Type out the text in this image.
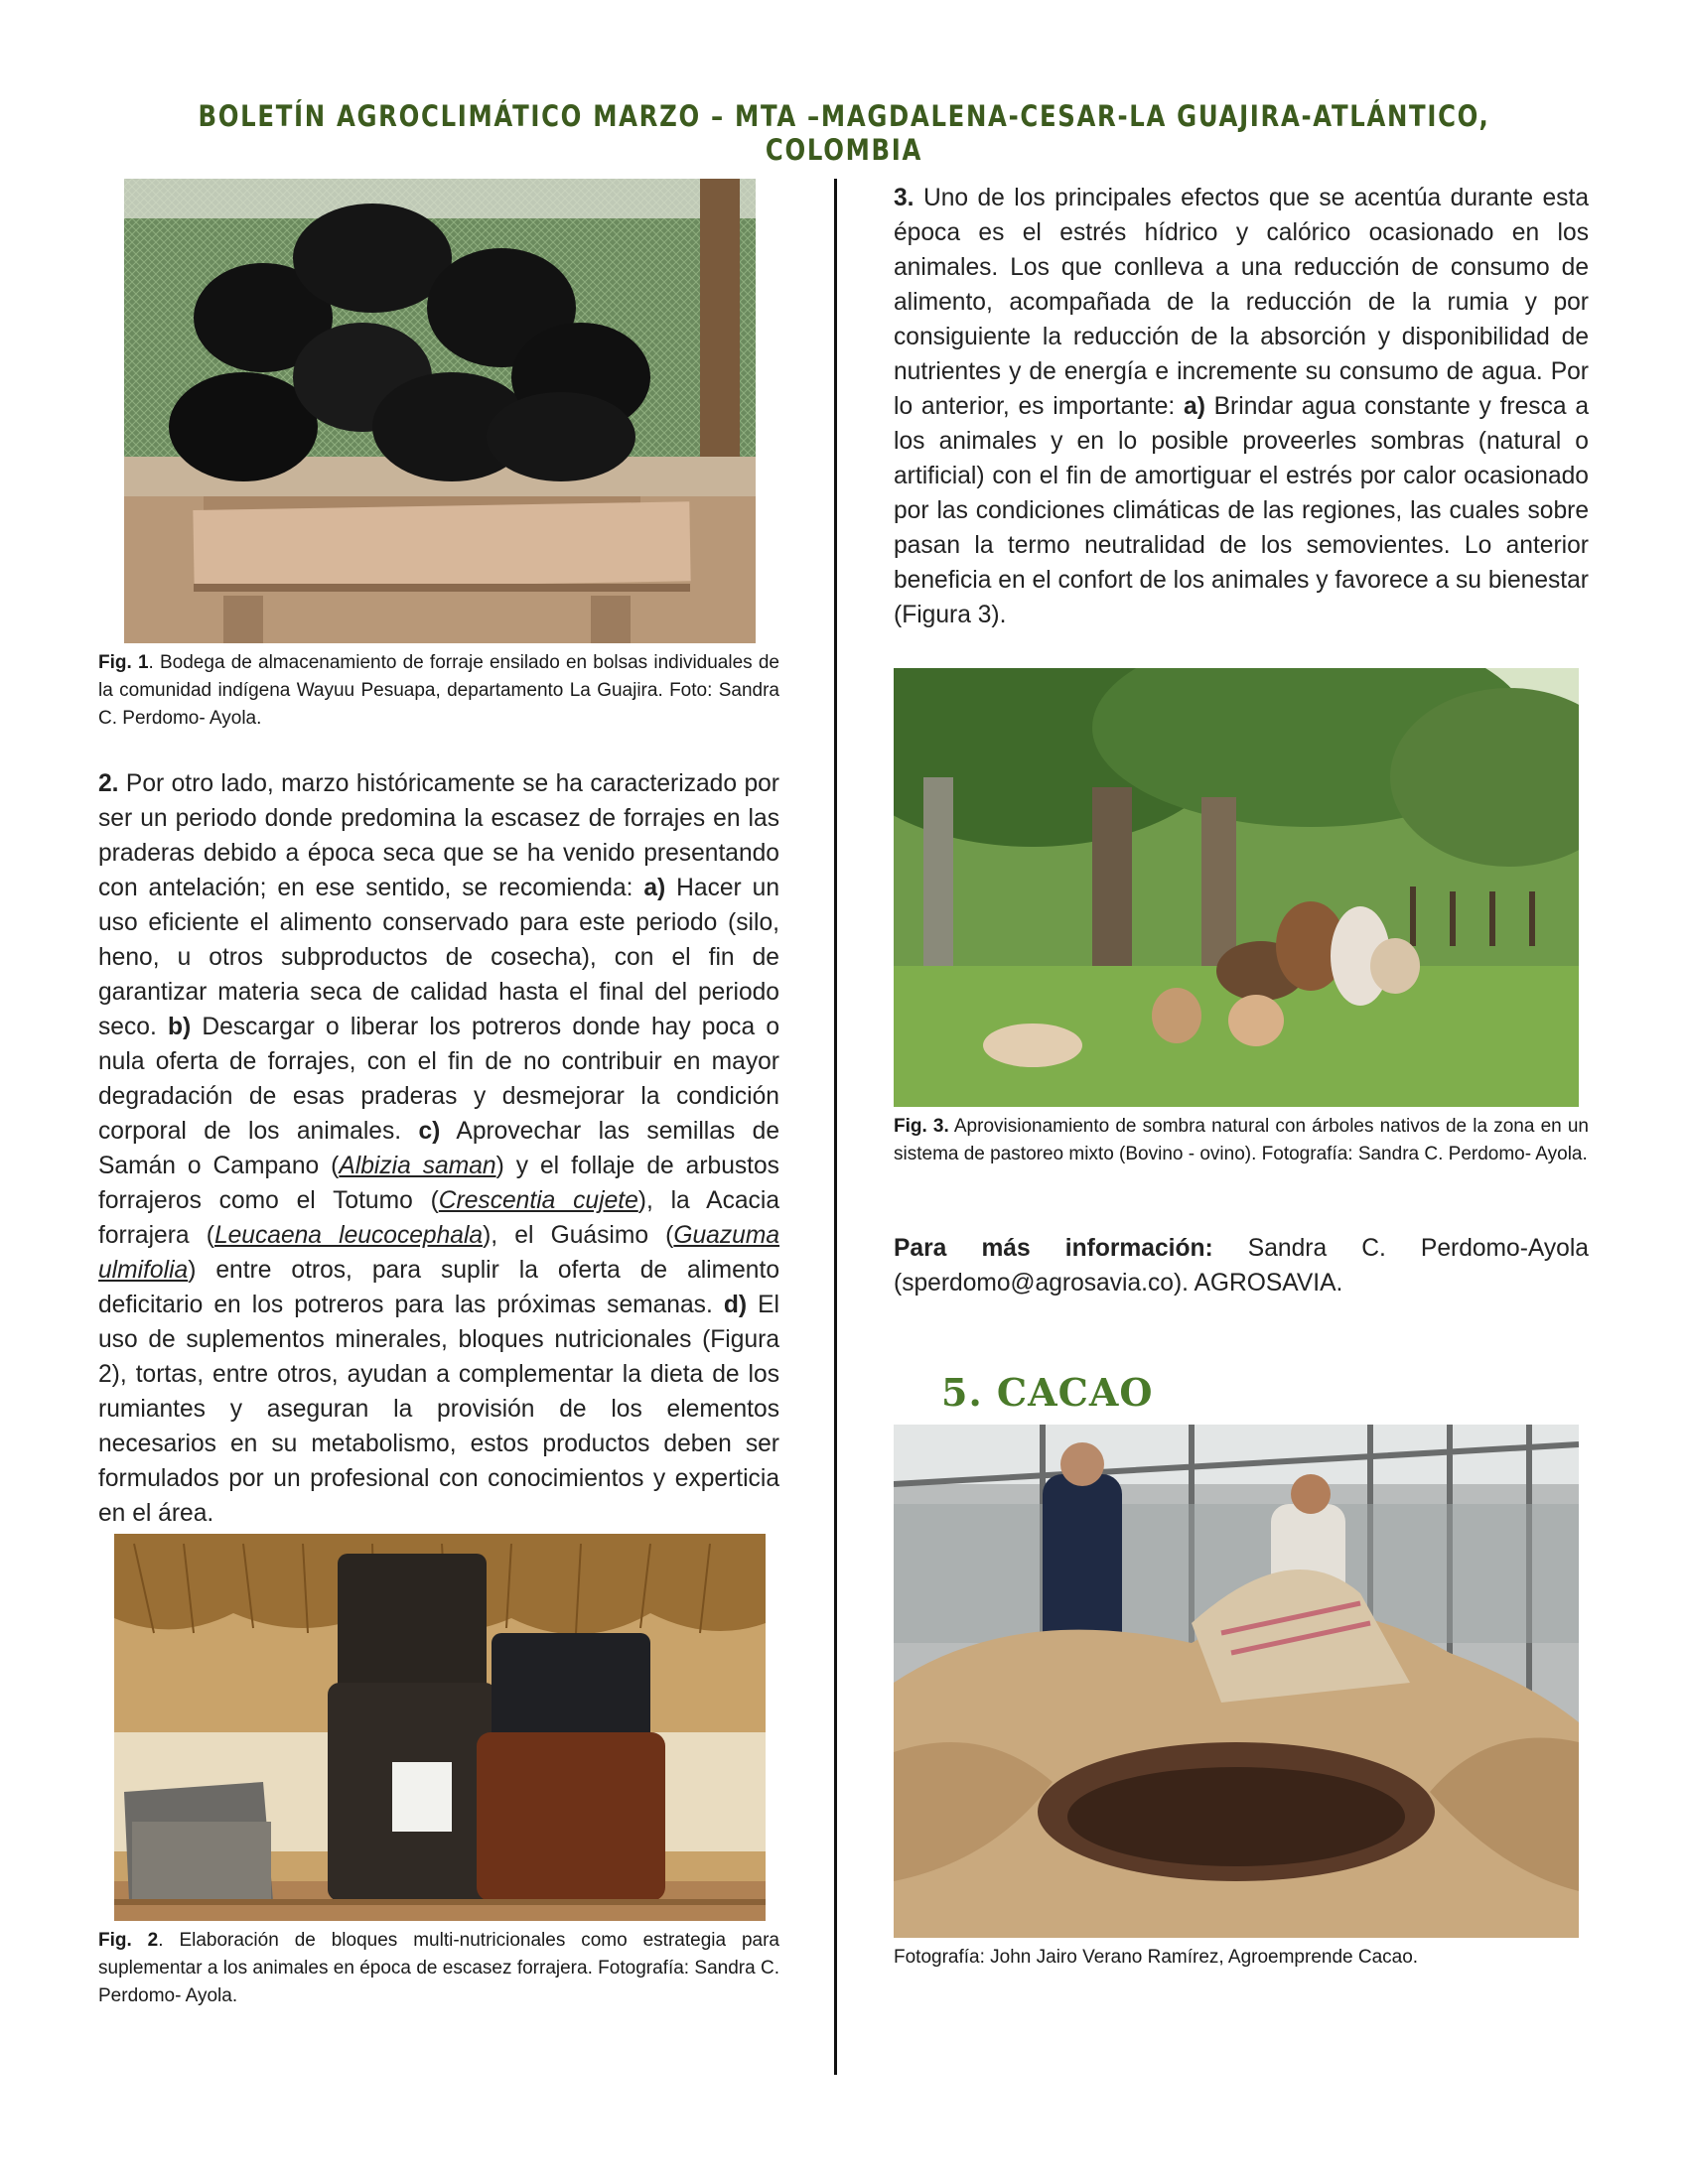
BOLETÍN AGROCLIMÁTICO MARZO – MTA –MAGDALENA-CESAR-LA GUAJIRA-ATLÁNTICO, COLOMBIA
Fig. 1. Bodega de almacenamiento de forraje ensilado en bolsas individuales de la comunidad indígena Wayuu Pesuapa, departamento La Guajira. Foto: Sandra C. Perdomo- Ayola.

2. Por otro lado, marzo históricamente se ha caracterizado por ser un periodo donde predomina la escasez de forrajes en las praderas debido a época seca que se ha venido presentando con antelación; en ese sentido, se recomienda: a) Hacer un uso eficiente el alimento conservado para este periodo (silo, heno, u otros subproductos de cosecha), con el fin de garantizar materia seca de calidad hasta el final del periodo seco. b) Descargar o liberar los potreros donde hay poca o nula oferta de forrajes, con el fin de no contribuir en mayor degradación de esas praderas y desmejorar la condición corporal de los animales. c) Aprovechar las semillas de Samán o Campano (Albizia saman) y el follaje de arbustos forrajeros como el Totumo (Crescentia cujete), la Acacia forrajera (Leucaena leucocephala), el Guásimo (Guazuma ulmifolia) entre otros, para suplir la oferta de alimento deficitario en los potreros para las próximas semanas. d) El uso de suplementos minerales, bloques nutricionales (Figura 2), tortas, entre otros, ayudan a complementar la dieta de los rumiantes y aseguran la provisión de los elementos necesarios en su metabolismo, estos productos deben ser formulados por un profesional con conocimientos y experticia en el área.

Fig. 2. Elaboración de bloques multi-nutricionales como estrategia para suplementar a los animales en época de escasez forrajera. Fotografía: Sandra C. Perdomo- Ayola.

3. Uno de los principales efectos que se acentúa durante esta época es el estrés hídrico y calórico ocasionado en los animales. Los que conlleva a una reducción de consumo de alimento, acompañada de la reducción de la rumia y por consiguiente la reducción de la absorción y disponibilidad de nutrientes y de energía e incremente su consumo de agua. Por lo anterior, es importante: a) Brindar agua constante y fresca a los animales y en lo posible proveerles sombras (natural o artificial) con el fin de amortiguar el estrés por calor ocasionado por las condiciones climáticas de las regiones, las cuales sobre pasan la termo neutralidad de los semovientes. Lo anterior beneficia en el confort de los animales y favorece a su bienestar (Figura 3).

Fig. 3. Aprovisionamiento de sombra natural con árboles nativos de la zona en un sistema de pastoreo mixto (Bovino - ovino). Fotografía: Sandra C. Perdomo- Ayola.

Para más información: Sandra C. Perdomo-Ayola (sperdomo@agrosavia.co). AGROSAVIA.

5. CACAO
Fotografía: John Jairo Verano Ramírez, Agroemprende Cacao.
